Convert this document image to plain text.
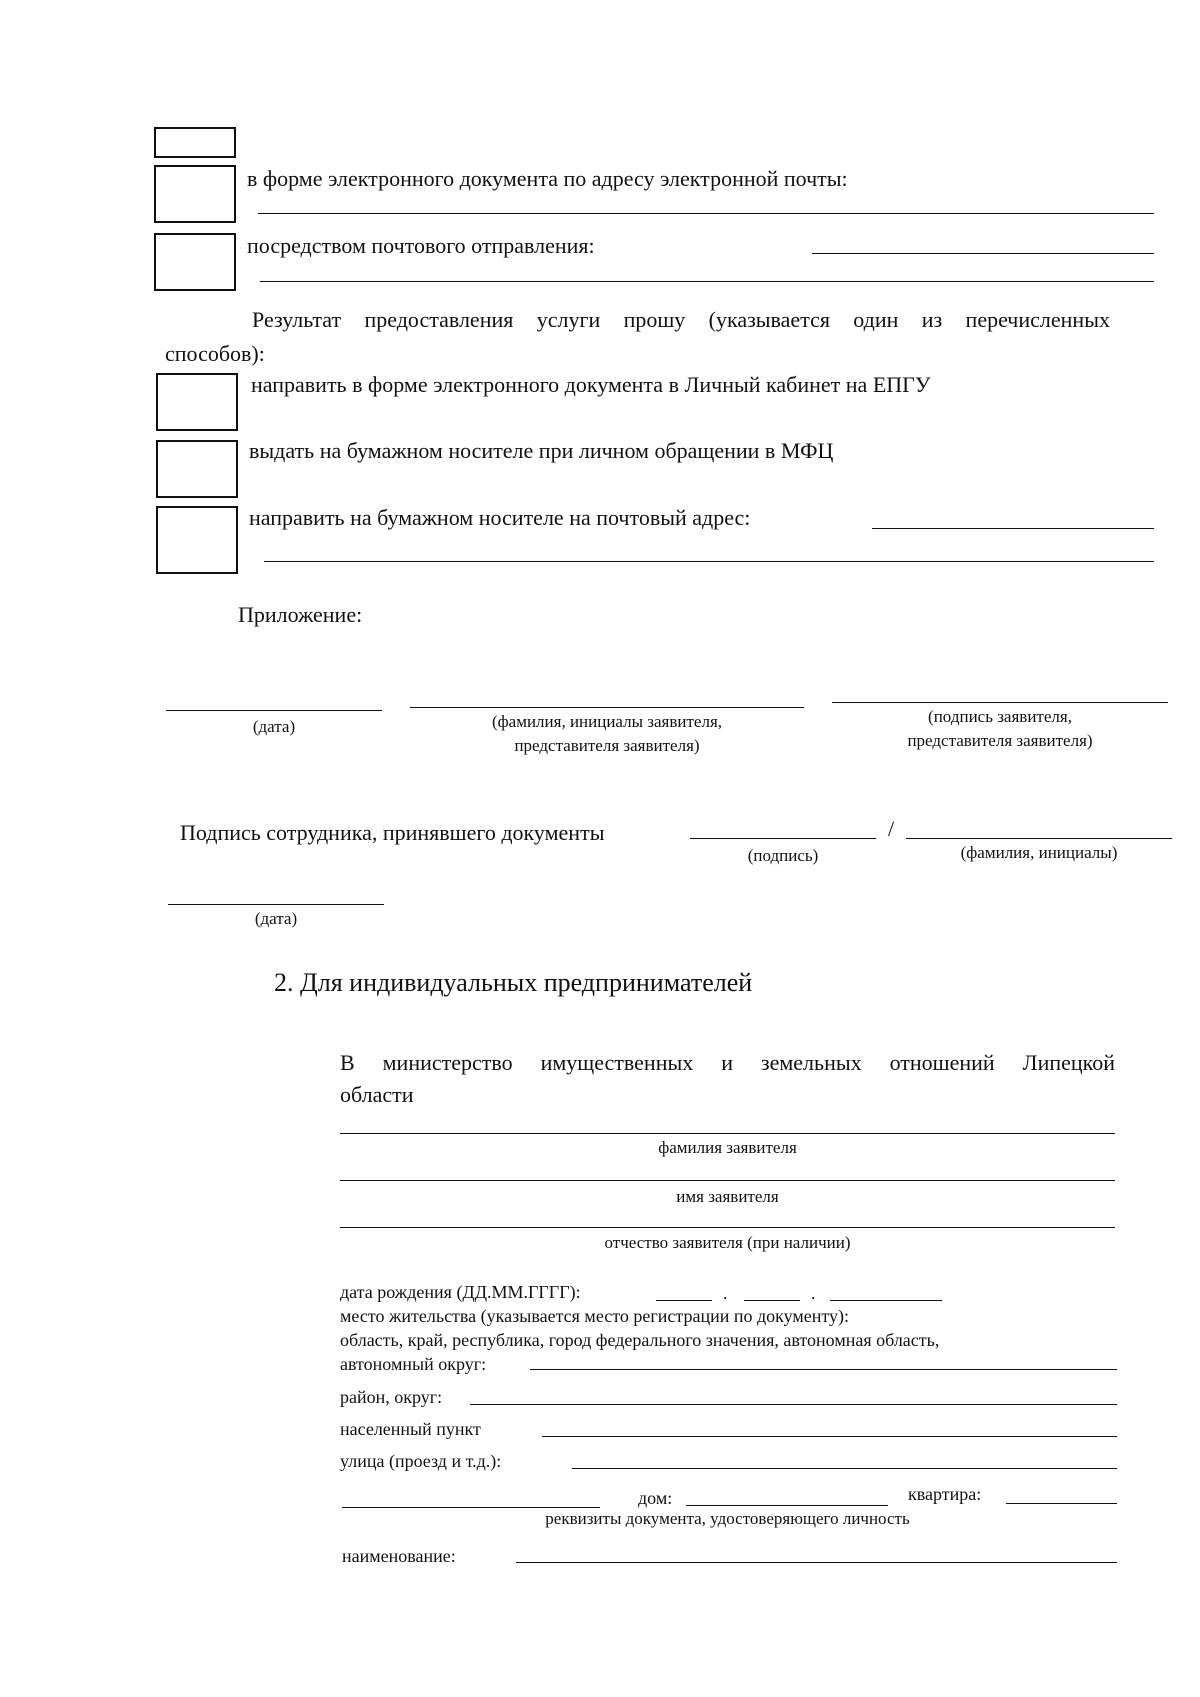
в форме электронного документа по адресу электронной почты:
посредством почтового отправления:
Результат предоставления услуги прошу (указывается один из перечисленных
способов):
направить в форме электронного документа в Личный кабинет на ЕПГУ
выдать на бумажном носителе при личном обращении в МФЦ
направить на бумажном носителе на почтовый адрес:
Приложение:
(дата)	(фамилия, инициалы заявителя,
представителя заявителя)
(подпись заявителя,
представителя заявителя)
Подпись сотрудника, принявшего документы	/
(подпись)	(фамилия, инициалы)
(дата)
2. Для индивидуальных предпринимателей
В министерство имущественных и земельных отношений Липецкой
области
фамилия заявителя
имя заявителя
отчество заявителя (при наличии)
дата рождения (ДД.ММ.ГГГГ):	.	.
место жительства (указывается место регистрации по документу):
область, край, республика, город федерального значения, автономная область,
автономный округ:
район, округ:
населенный пункт
улица (проезд и т.д.):
дом:	квартира:
реквизиты документа, удостоверяющего личность
наименование:
